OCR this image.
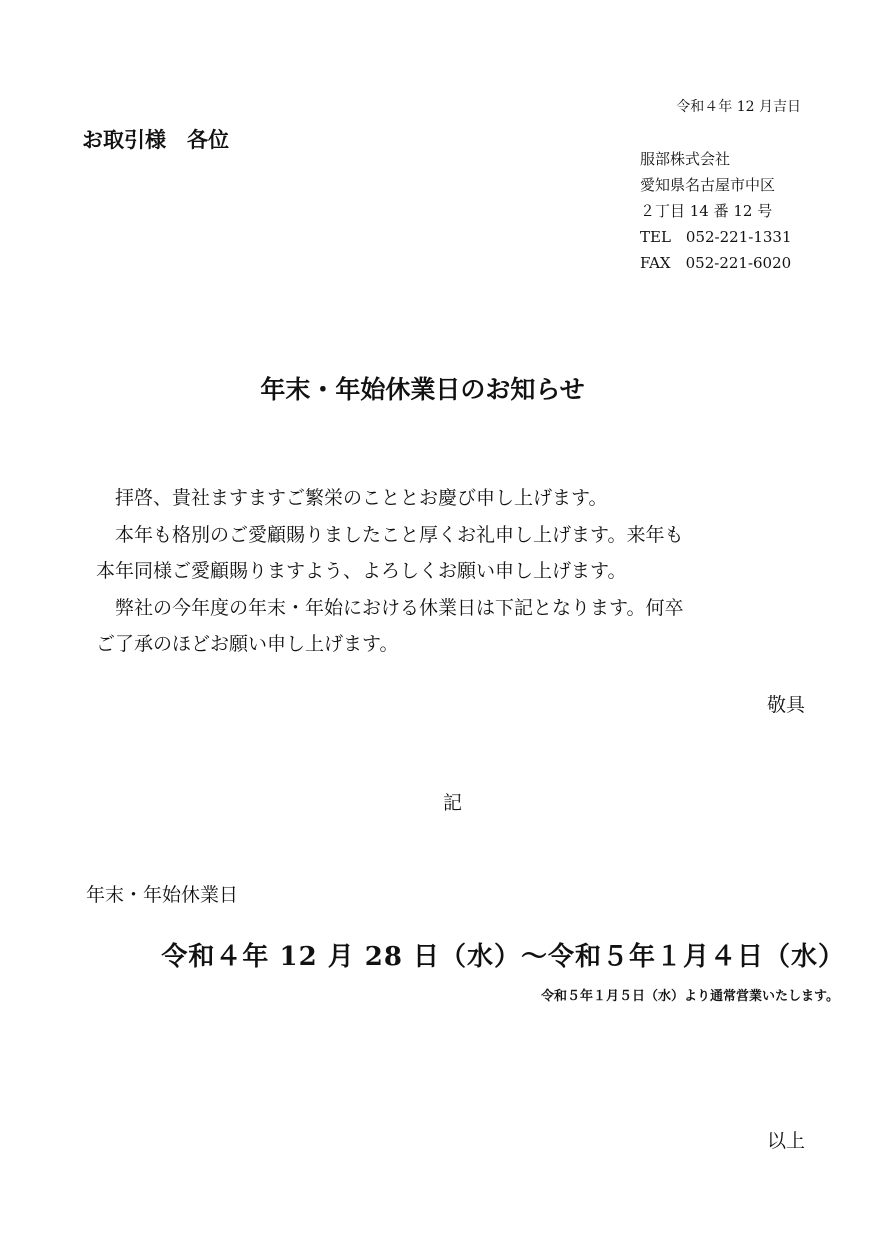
令和４年 12 月吉日
お取引様　各位
服部株式会社
愛知県名古屋市中区
２丁目 14 番 12 号
TEL　052-221-1331
FAX　052-221-6020
年末・年始休業日のお知らせ
拝啓、貴社ますますご繁栄のこととお慶び申し上げます。
本年も格別のご愛顧賜りましたこと厚くお礼申し上げます。来年も
本年同様ご愛顧賜りますよう、よろしくお願い申し上げます。
弊社の今年度の年末・年始における休業日は下記となります。何卒
ご了承のほどお願い申し上げます。
敬具
記
年末・年始休業日
令和４年 12 月 28 日（水）～令和５年１月４日（水）
令和５年１月５日（水）より通常営業いたします。
以上
